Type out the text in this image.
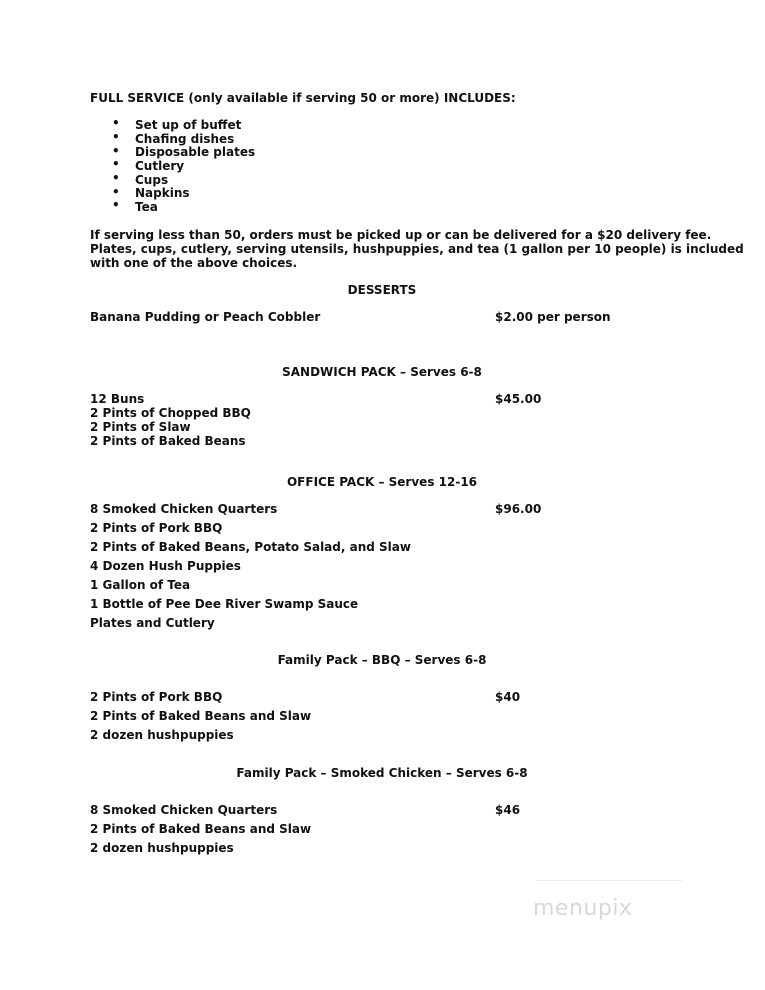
FULL SERVICE (only available if serving 50 or more) INCLUDES:
• Set up of buffet
• Chafing dishes
• Disposable plates
• Cutlery
• Cups
• Napkins
• Tea
If serving less than 50, orders must be picked up or can be delivered for a $20 delivery fee.
Plates, cups, cutlery, serving utensils, hushpuppies, and tea (1 gallon per 10 people) is included
with one of the above choices.
DESSERTS
Banana Pudding or Peach Cobbler	$2.00 per person
SANDWICH PACK – Serves 6-8
12 Buns
2 Pints of Chopped BBQ
2 Pints of Slaw
2 Pints of Baked Beans
$45.00
OFFICE PACK – Serves 12-16
8 Smoked Chicken Quarters
2 Pints of Pork BBQ
2 Pints of Baked Beans, Potato Salad, and Slaw
4 Dozen Hush Puppies
1 Gallon of Tea
1 Bottle of Pee Dee River Swamp Sauce
Plates and Cutlery
$96.00
Family Pack – BBQ – Serves 6-8
2 Pints of Pork BBQ
2 Pints of Baked Beans and Slaw
2 dozen hushpuppies
$40
Family Pack – Smoked Chicken – Serves 6-8
8 Smoked Chicken Quarters
2 Pints of Baked Beans and Slaw
2 dozen hushpuppies
$46
menupix
